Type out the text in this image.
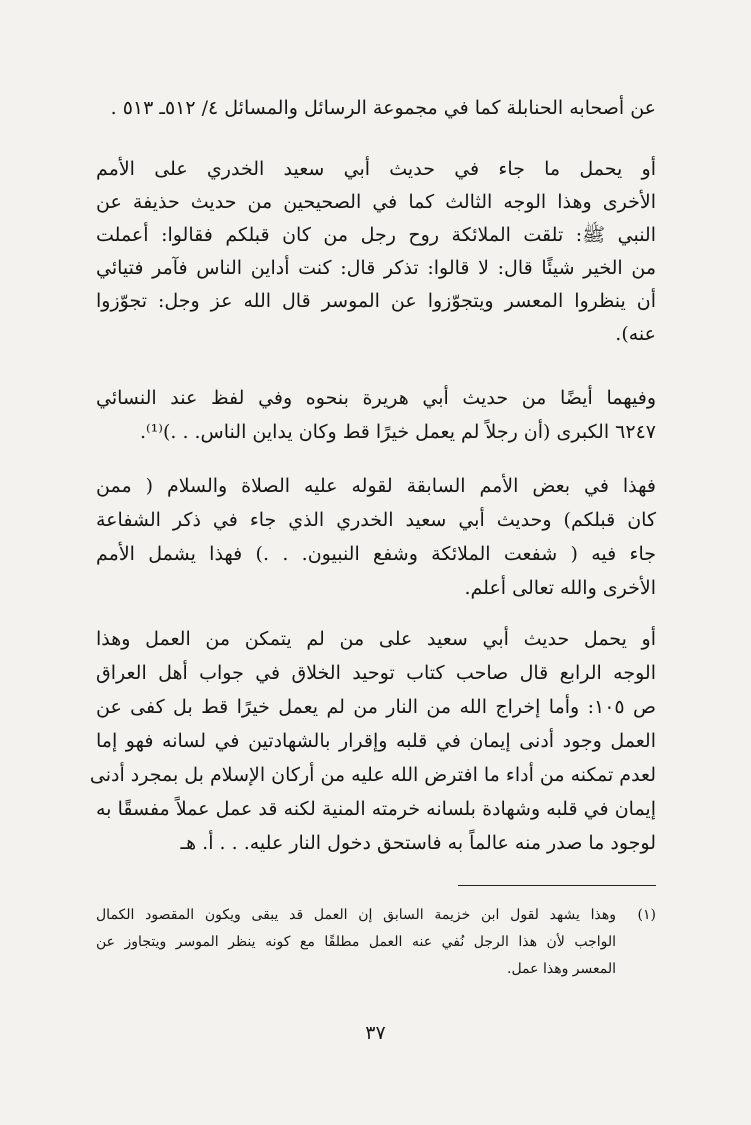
عن أصحابه الحنابلة كما في مجموعة الرسائل والمسائل ٤/ ٥١٢ـ ٥١٣ .
أو يحمل ما جاء في حديث أبي سعيد الخدري على الأمم
الأخرى وهذا الوجه الثالث كما في الصحيحين من حديث حذيفة عن
النبي ﷺ: تلقت الملائكة روح رجل من كان قبلكم فقالوا: أعملت
من الخير شيئًا قال: لا قالوا: تذكر قال: كنت أداين الناس فآمر فتيائي
أن ينظروا المعسر ويتجوّزوا عن الموسر قال الله عز وجل: تجوّزوا
عنه).
وفيهما أيضًا من حديث أبي هريرة بنحوه وفي لفظ عند النسائي
٦٢٤٧ الكبرى (أن رجلاً لم يعمل خيرًا قط وكان يداين الناس. . .)⁽¹⁾.
فهذا في بعض الأمم السابقة لقوله عليه الصلاة والسلام ( ممن
كان قبلكم) وحديث أبي سعيد الخدري الذي جاء في ذكر الشفاعة
جاء فيه ( شفعت الملائكة وشفع النبيون. . .) فهذا يشمل الأمم
الأخرى والله تعالى أعلم.
أو يحمل حديث أبي سعيد على من لم يتمكن من العمل وهذا
الوجه الرابع قال صاحب كتاب توحيد الخلاق في جواب أهل العراق
ص ١٠٥: وأما إخراج الله من النار من لم يعمل خيرًا قط بل كفى عن
العمل وجود أدنى إيمان في قلبه وإقرار بالشهادتين في لسانه فهو إما
لعدم تمكنه من أداء ما افترض الله عليه من أركان الإسلام بل بمجرد أدنى
إيمان في قلبه وشهادة بلسانه خرمته المنية لكنه قد عمل عملاً مفسقًا به
لوجود ما صدر منه عالماً به فاستحق دخول النار عليه. . . أ. هـ
(١)
وهذا يشهد لقول ابن خزيمة السابق إن العمل قد يبقى ويكون المقصود الكمال
الواجب لأن هذا الرجل نُفي عنه العمل مطلقًا مع كونه ينظر الموسر ويتجاوز عن
المعسر وهذا عمل.
٣٧
